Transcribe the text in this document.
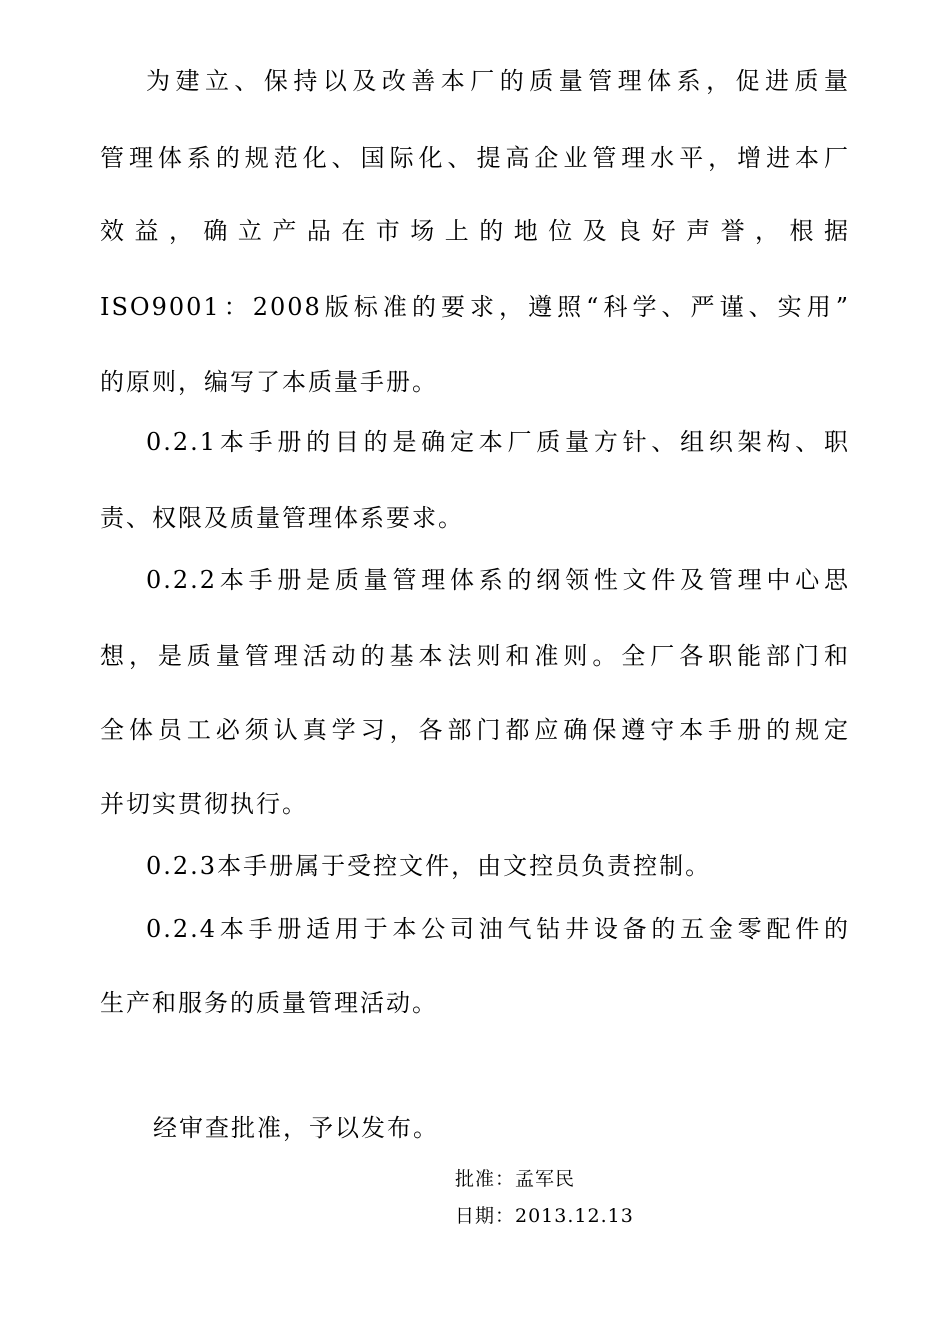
为建立、保持以及改善本厂的质量管理体系，促进质量
管理体系的规范化、国际化、提高企业管理水平，增进本厂
效益，确立产品在市场上的地位及良好声誉，根据
ISO9001：2008版标准的要求，遵照“科学、严谨、实用”
的原则，编写了本质量手册。
0.2.1本手册的目的是确定本厂质量方针、组织架构、职
责、权限及质量管理体系要求。
0.2.2本手册是质量管理体系的纲领性文件及管理中心思
想，是质量管理活动的基本法则和准则。全厂各职能部门和
全体员工必须认真学习，各部门都应确保遵守本手册的规定
并切实贯彻执行。
0.2.3本手册属于受控文件，由文控员负责控制。
0.2.4本手册适用于本公司油气钻井设备的五金零配件的
生产和服务的质量管理活动。
经审查批准，予以发布。
批准：孟军民
日期：2013.12.13
